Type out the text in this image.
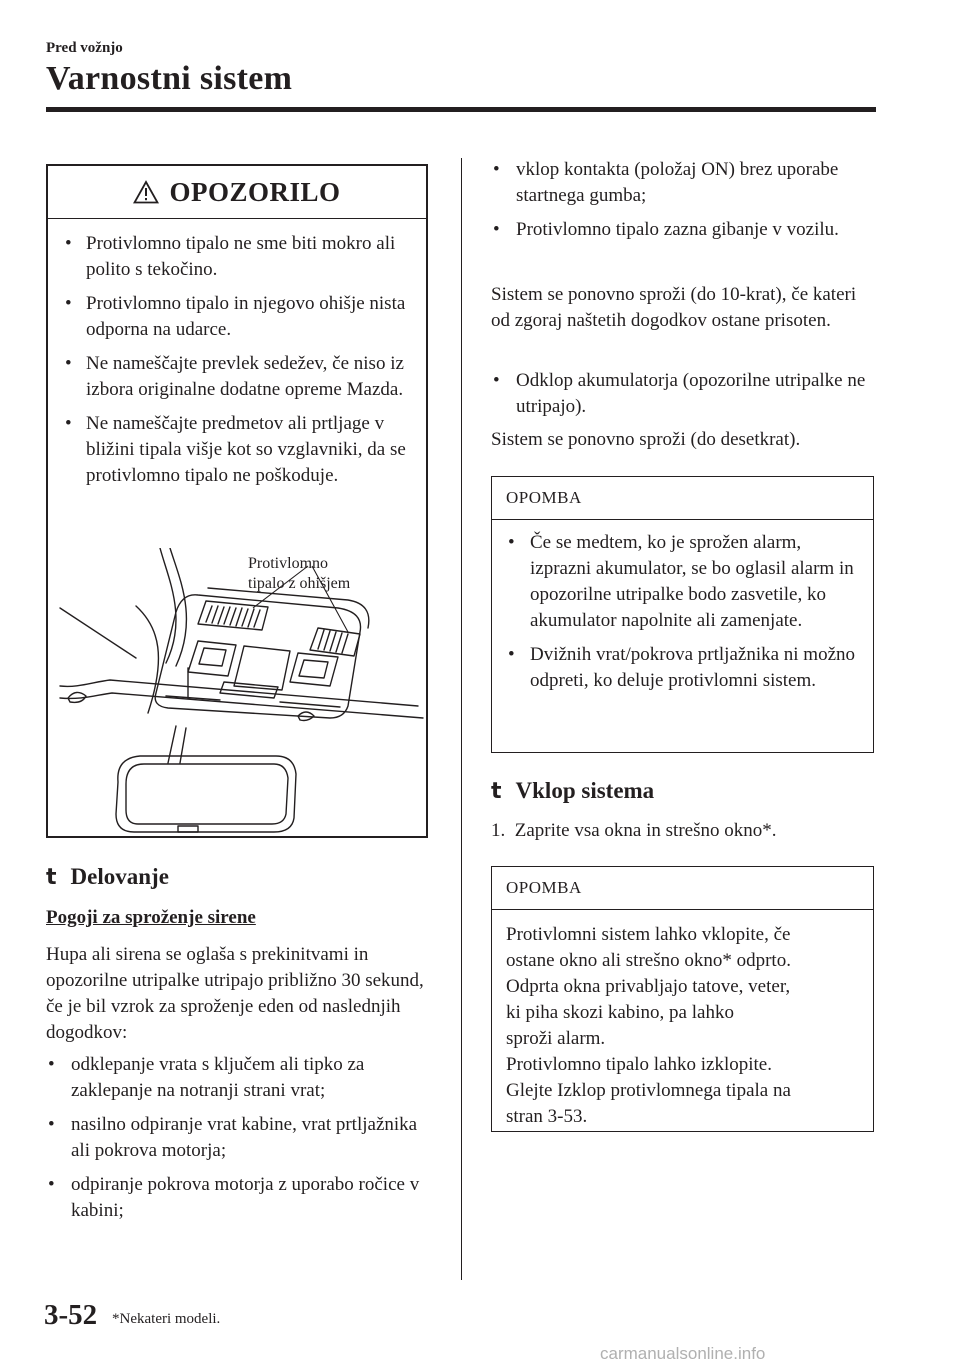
Pred vožnjo
Varnostni sistem
OPOZORILO
• Protivlomno tipalo ne sme biti mokro ali polito s tekočino.
• Protivlomno tipalo in njegovo ohišje nista odporna na udarce.
• Ne nameščajte prevlek sedežev, če niso iz izbora originalne dodatne opreme Mazda.
• Ne nameščajte predmetov ali prtljage v bližini tipala višje kot so vzglavniki, da se protivlomno tipalo ne poškoduje.
Protivlomno
tipalo z ohišjem
t Delovanje
Pogoji za sproženje sirene
Hupa ali sirena se oglaša s prekinitvami in opozorilne utripalke utripajo približno 30 sekund, če je bil vzrok za sproženje eden od naslednjih dogodkov:
• odklepanje vrata s ključem ali tipko za zaklepanje na notranji strani vrat;
• nasilno odpiranje vrat kabine, vrat prtljažnika ali pokrova motorja;
• odpiranje pokrova motorja z uporabo ročice v kabini;
• vklop kontakta (položaj ON) brez uporabe startnega gumba;
• Protivlomno tipalo zazna gibanje v vozilu.
Sistem se ponovno sproži (do 10-krat), če kateri od zgoraj naštetih dogodkov ostane prisoten.
• Odklop akumulatorja (opozorilne utripalke ne utripajo).
Sistem se ponovno sproži (do desetkrat).
OPOMBA
• Če se medtem, ko je sprožen alarm, izprazni akumulator, se bo oglasil alarm in opozorilne utripalke bodo zasvetile, ko akumulator napolnite ali zamenjate.
• Dvižnih vrat/pokrova prtljažnika ni možno odpreti, ko deluje protivlomni sistem.
t Vklop sistema
1.  Zaprite vsa okna in strešno okno*.
OPOMBA
Protivlomni sistem lahko vklopite, če
ostane okno ali strešno okno* odprto.
Odprta okna privabljajo tatove, veter,
ki piha skozi kabino, pa lahko
sproži alarm.
Protivlomno tipalo lahko izklopite.
Glejte Izklop protivlomnega tipala na
stran 3-53.
3-52 *Nekateri modeli.
carmanualsonline.info
